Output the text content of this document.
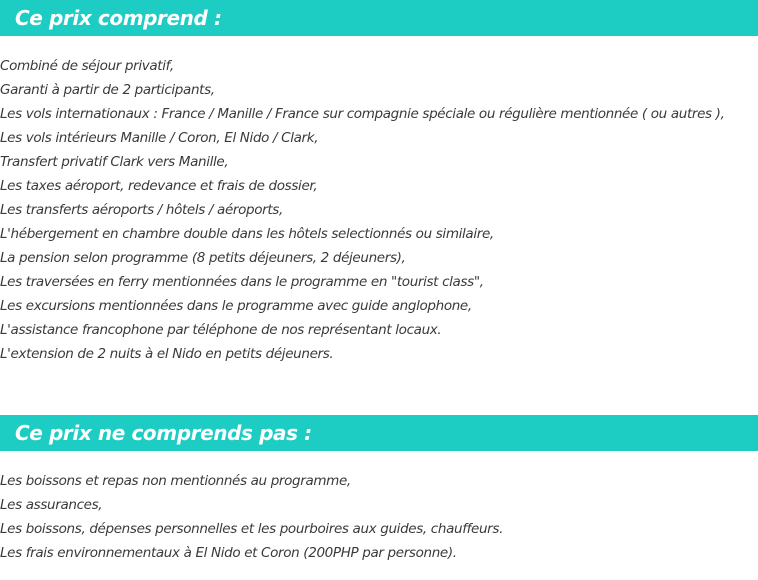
Ce prix comprend :
Combiné de séjour privatif,
Garanti à partir de 2 participants,
Les vols internationaux : France / Manille / France sur compagnie spéciale ou régulière mentionnée ( ou autres ),
Les vols intérieurs Manille / Coron, El Nido / Clark,
Transfert privatif Clark vers Manille,
Les taxes aéroport, redevance et frais de dossier,
Les transferts aéroports / hôtels / aéroports,
L'hébergement en chambre double dans les hôtels selectionnés ou similaire,
La pension selon programme (8 petits déjeuners, 2 déjeuners),
Les traversées en ferry mentionnées dans le programme en "tourist class",
Les excursions mentionnées dans le programme avec guide anglophone,
L'assistance francophone par téléphone de nos représentant locaux.
L'extension de 2 nuits à el Nido en petits déjeuners.
Ce prix ne comprends pas :
Les boissons et repas non mentionnés au programme,
Les assurances,
Les boissons, dépenses personnelles et les pourboires aux guides, chauffeurs.
Les frais environnementaux à El Nido et Coron (200PHP par personne).
